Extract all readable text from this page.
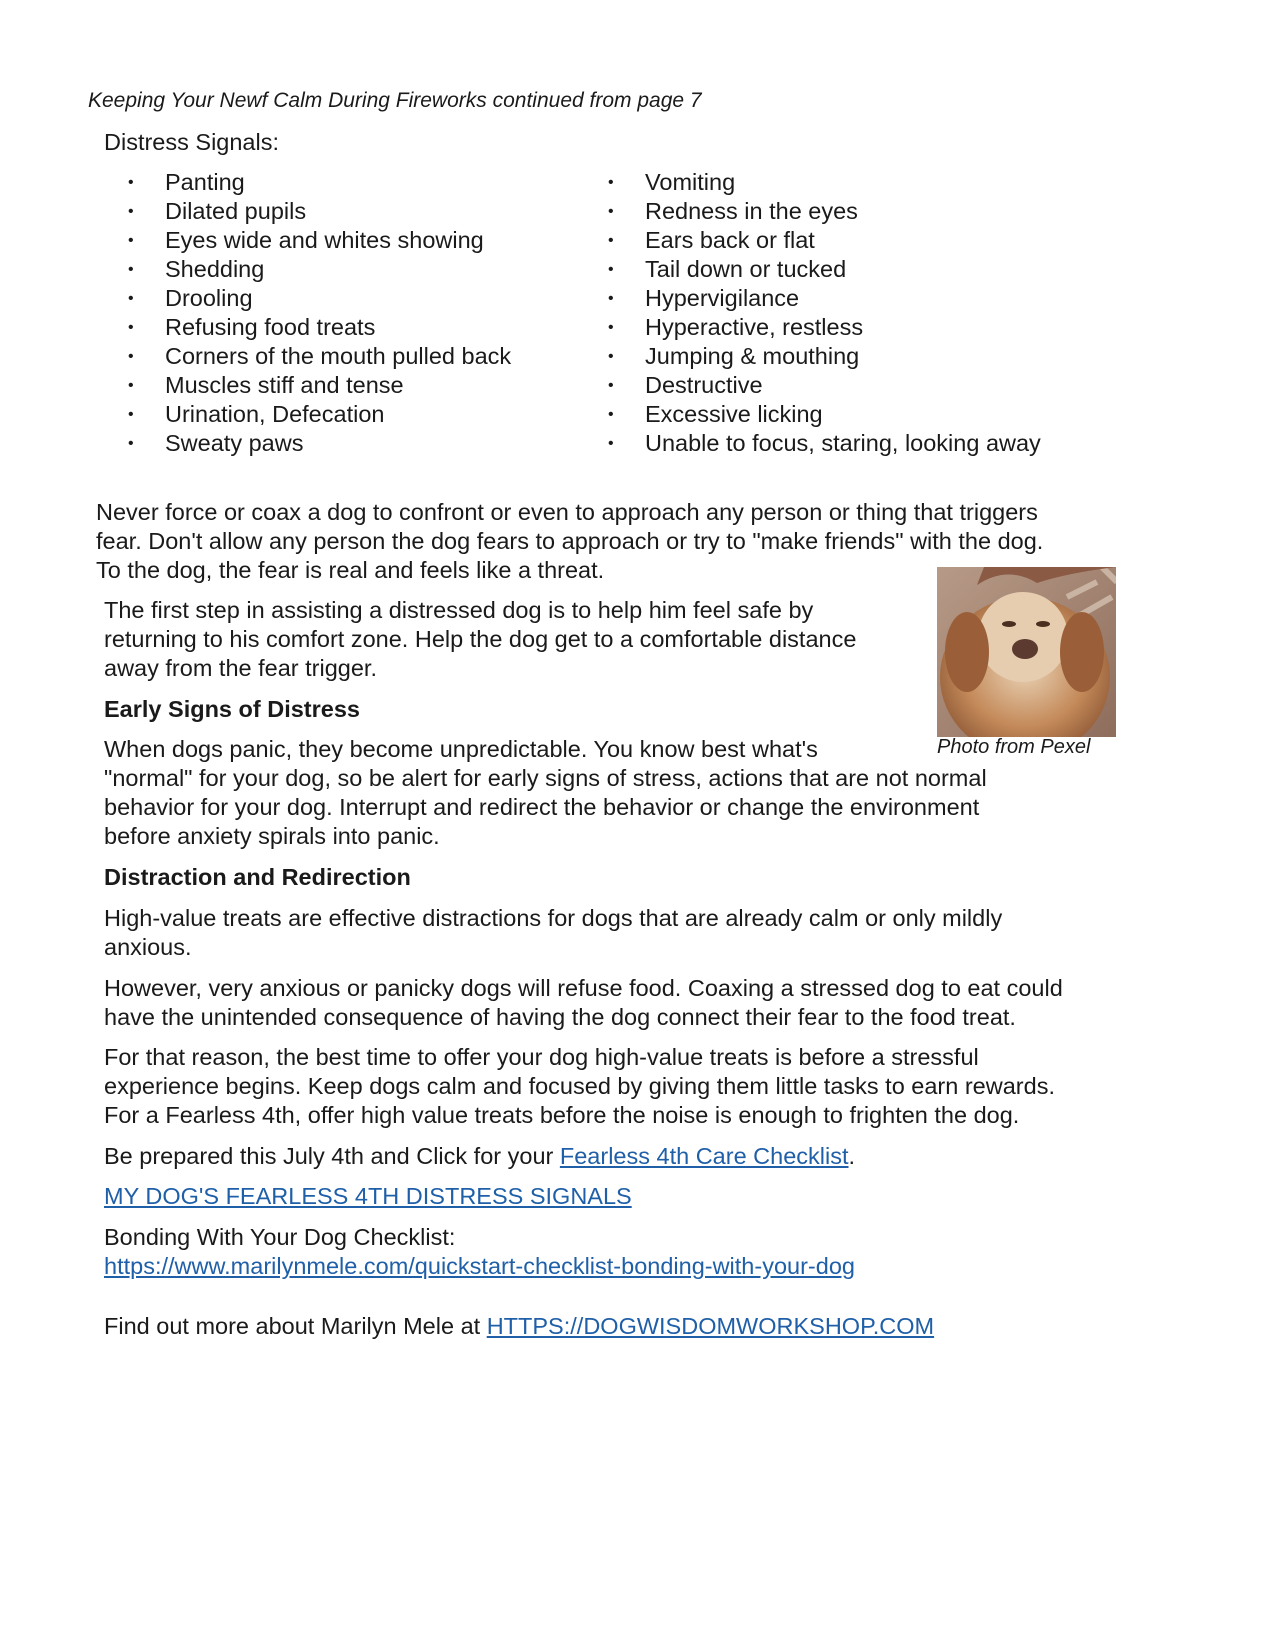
Keeping Your Newf Calm During Fireworks continued from page 7
Distress Signals:
• Panting
• Dilated pupils
• Eyes wide and whites showing
• Shedding
• Drooling
• Refusing food treats
• Corners of the mouth pulled back
• Muscles stiff and tense
• Urination, Defecation
• Sweaty paws
• Vomiting
• Redness in the eyes
• Ears back or flat
• Tail down or tucked
• Hypervigilance
• Hyperactive, restless
• Jumping & mouthing
• Destructive
• Excessive licking
• Unable to focus, staring, looking away
Never force or coax a dog to confront or even to approach any person or thing that triggers
fear. Don't allow any person the dog fears to approach or try to "make friends" with the dog.
To the dog, the fear is real and feels like a threat.
The first step in assisting a distressed dog is to help him feel safe by
returning to his comfort zone. Help the dog get to a comfortable distance
away from the fear trigger.
Photo from Pexel
Early Signs of Distress
When dogs panic, they become unpredictable. You know best what's
"normal" for your dog, so be alert for early signs of stress, actions that are not normal
behavior for your dog. Interrupt and redirect the behavior or change the environment
before anxiety spirals into panic.
Distraction and Redirection
High-value treats are effective distractions for dogs that are already calm or only mildly
anxious.
However, very anxious or panicky dogs will refuse food. Coaxing a stressed dog to eat could
have the unintended consequence of having the dog connect their fear to the food treat.
For that reason, the best time to offer your dog high-value treats is before a stressful
experience begins. Keep dogs calm and focused by giving them little tasks to earn rewards.
For a Fearless 4th, offer high value treats before the noise is enough to frighten the dog.
Be prepared this July 4th and Click for your Fearless 4th Care Checklist.
MY DOG'S FEARLESS 4TH DISTRESS SIGNALS
Bonding With Your Dog Checklist:
https://www.marilynmele.com/quickstart-checklist-bonding-with-your-dog
Find out more about Marilyn Mele at HTTPS://DOGWISDOMWORKSHOP.COM
